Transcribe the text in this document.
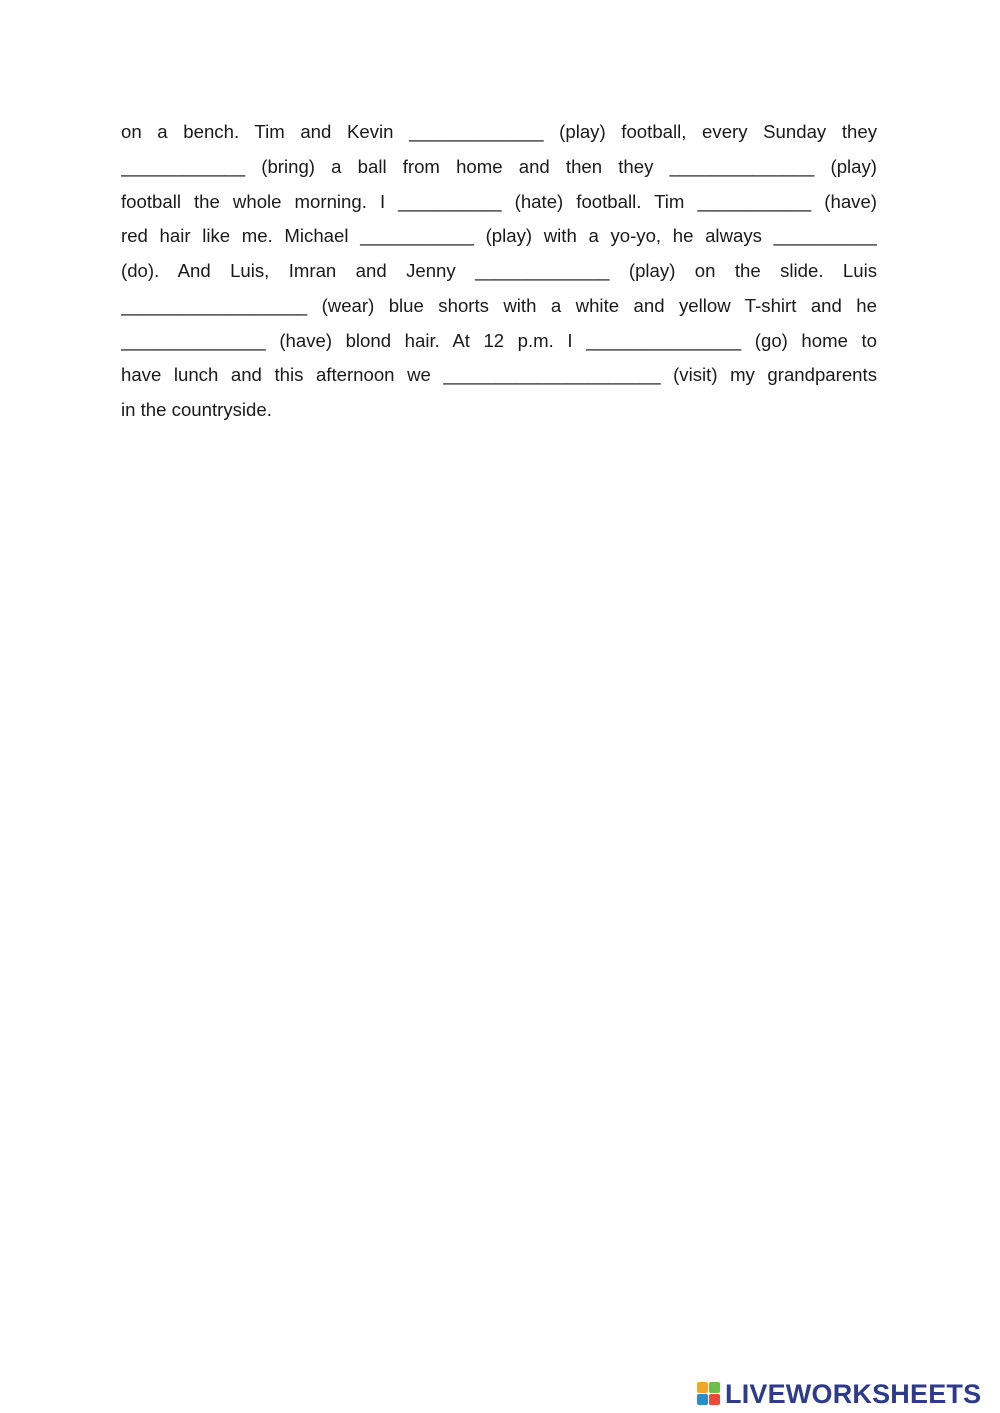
on a bench. Tim and Kevin _____________ (play) football, every Sunday they
____________ (bring) a ball from home and then they ______________ (play)
football the whole morning. I __________ (hate) football. Tim ___________ (have)
red hair like me. Michael ___________ (play) with a yo-yo, he always __________
(do). And Luis, Imran and Jenny _____________ (play) on the slide. Luis
__________________ (wear) blue shorts with a white and yellow T-shirt and he
______________ (have) blond hair. At 12 p.m. I _______________ (go) home to
have lunch and this afternoon we _____________________ (visit) my grandparents
in the countryside.
LIVEWORKSHEETS
